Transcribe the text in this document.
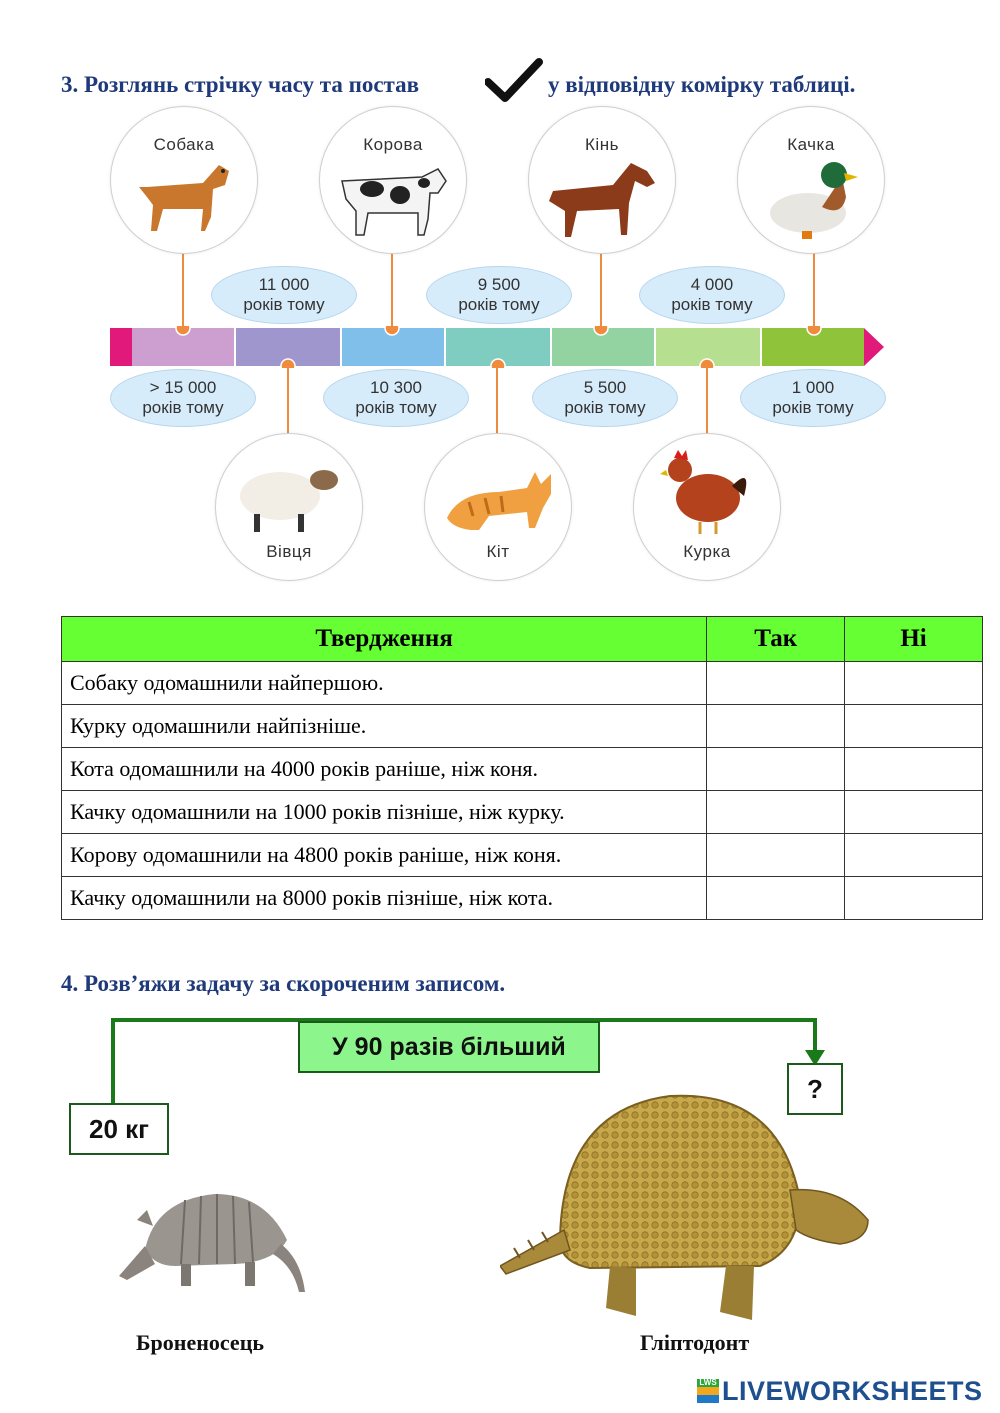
3. Розглянь стрічку часу та постав	у відповідну комірку таблиці.
Собака	Корова	Кінь	Качка
Вівця	Кіт	Курка
11 000
років тому
9 500
років тому
4 000
років тому
> 15 000
років тому
10 300
років тому
5 500
років тому
1 000
років тому
Твердження	Так	Ні
Собаку одомашнили найпершою.		
Курку одомашнили найпізніше.		
Кота одомашнили на 4000 років раніше, ніж коня.		
Качку одомашнили на 1000 років пізніше, ніж курку.		
Корову одомашнили на 4800 років раніше, ніж коня.		
Качку одомашнили на 8000 років пізніше, ніж кота.		
4. Розв’яжи задачу за скороченим записом.
У 90 разів більший
?
20 кг
Броненосець	Гліптодонт
LWS LIVEWORKSHEETS
